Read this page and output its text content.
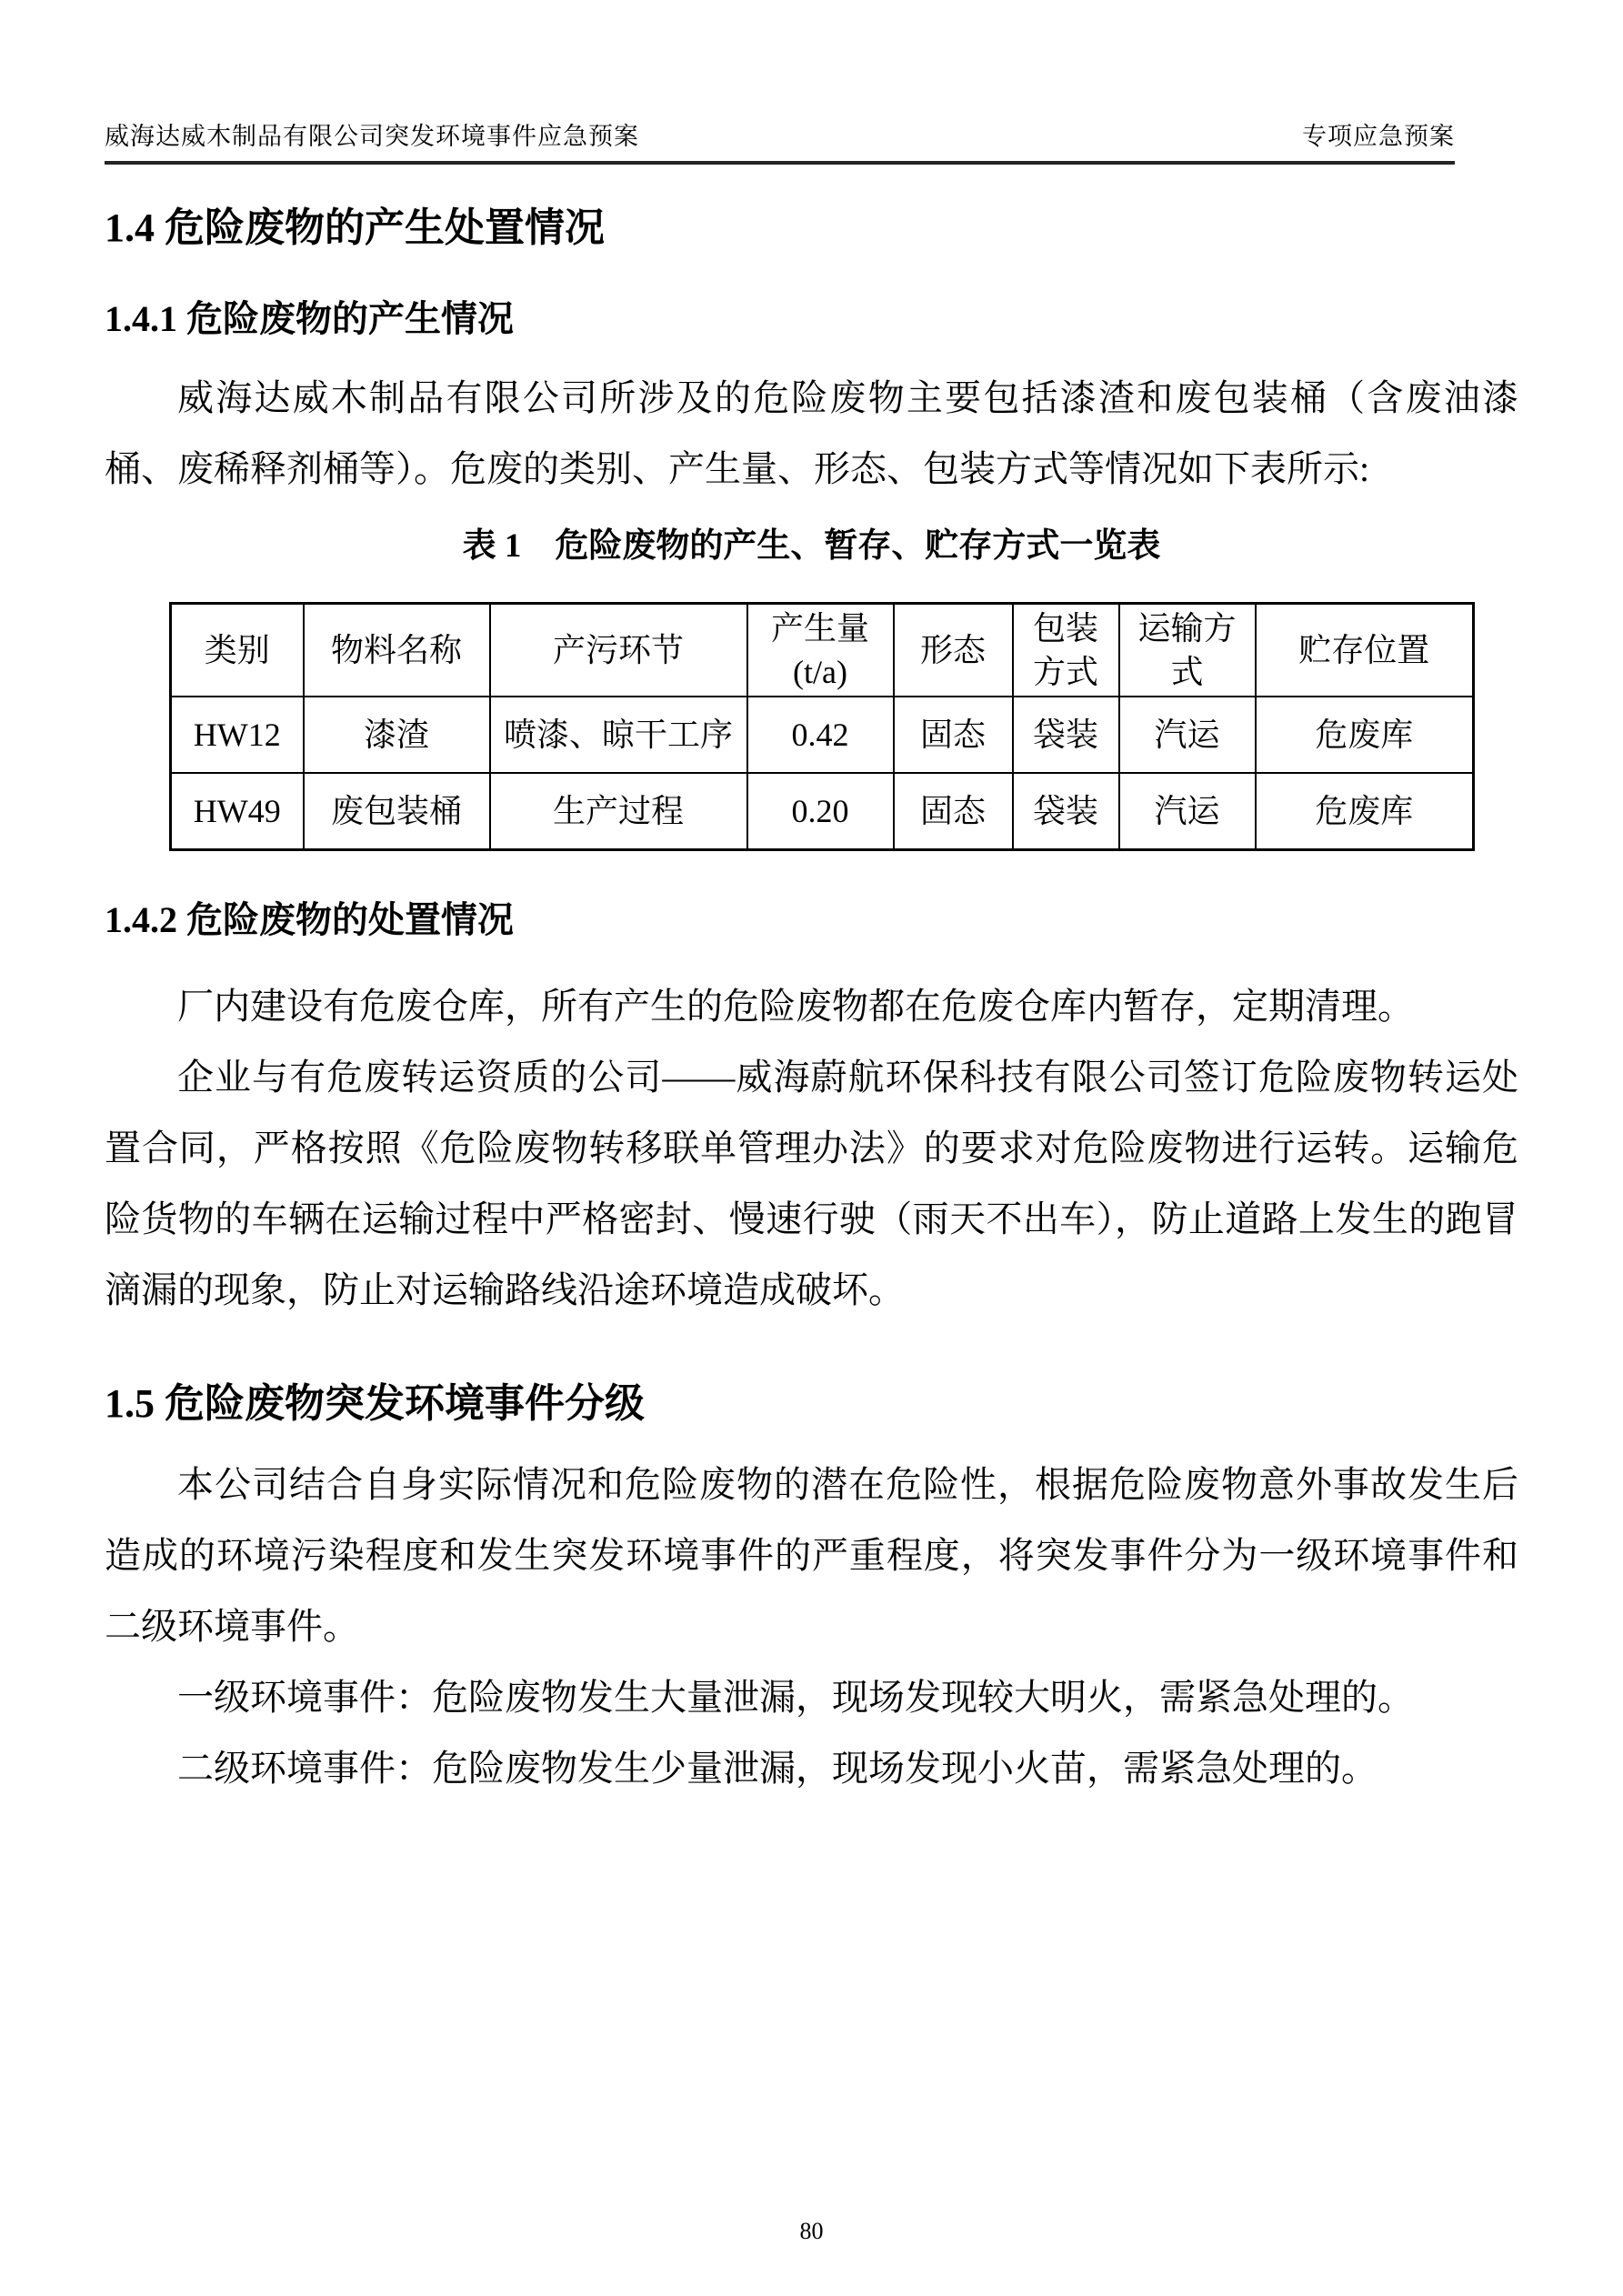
威海达威木制品有限公司突发环境事件应急预案	专项应急预案
1.4 危险废物的产生处置情况
1.4.1 危险废物的产生情况

威海达威木制品有限公司所涉及的危险废物主要包括漆渣和废包装桶（含废油漆桶、废稀释剂桶等）。危废的类别、产生量、形态、包装方式等情况如下表所示:

表 1　危险废物的产生、暂存、贮存方式一览表
类别	物料名称	产污环节	产生量 (t/a)	形态	包装方式	运输方式	贮存位置
HW12	漆渣	喷漆、晾干工序	0.42	固态	袋装	汽运	危废库
HW49	废包装桶	生产过程	0.20	固态	袋装	汽运	危废库
1.4.2 危险废物的处置情况

厂内建设有危废仓库，所有产生的危险废物都在危废仓库内暂存，定期清理。

企业与有危废转运资质的公司——威海蔚航环保科技有限公司签订危险废物转运处置合同，严格按照《危险废物转移联单管理办法》的要求对危险废物进行运转。运输危险货物的车辆在运输过程中严格密封、慢速行驶（雨天不出车），防止道路上发生的跑冒滴漏的现象，防止对运输路线沿途环境造成破坏。

1.5 危险废物突发环境事件分级

本公司结合自身实际情况和危险废物的潜在危险性，根据危险废物意外事故发生后造成的环境污染程度和发生突发环境事件的严重程度，将突发事件分为一级环境事件和二级环境事件。

一级环境事件：危险废物发生大量泄漏，现场发现较大明火，需紧急处理的。

二级环境事件：危险废物发生少量泄漏，现场发现小火苗，需紧急处理的。

80
